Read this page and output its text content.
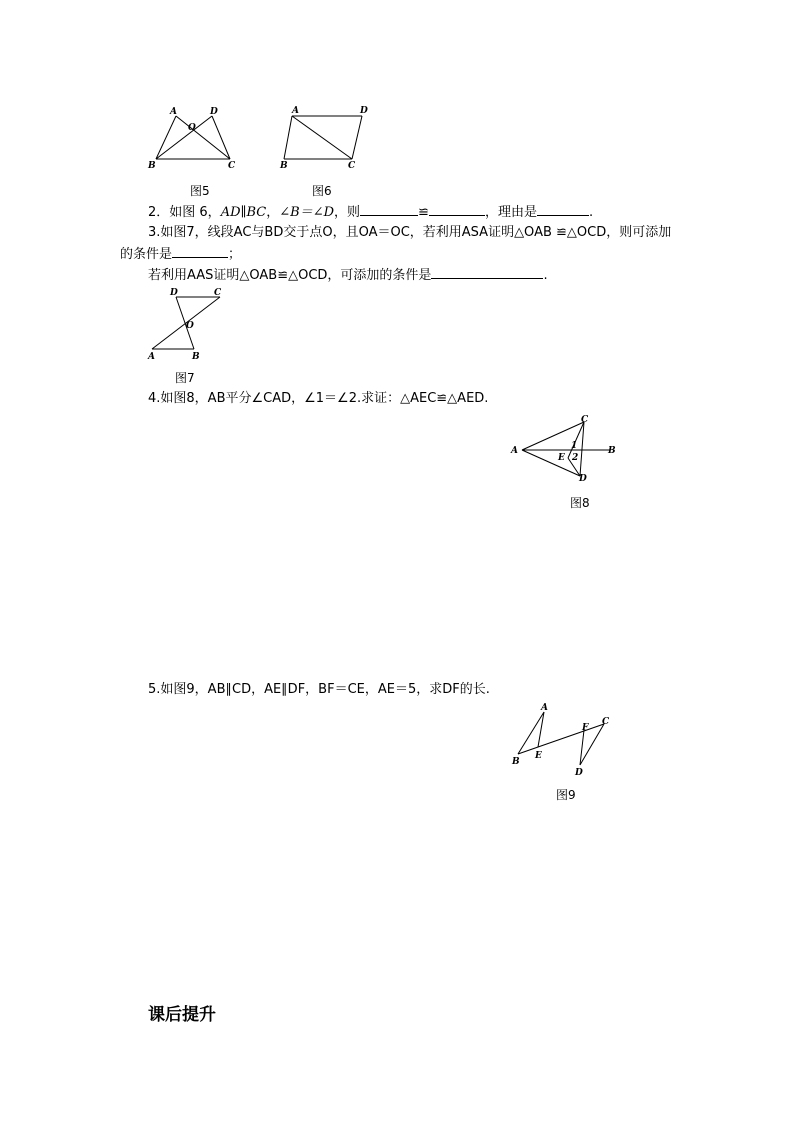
A	D
O
B	C
图5
A	D
B	C
图6
2．如图 6，AD∥BC，∠B＝∠D，则	≌	，理由是	.
3.如图7，线段AC与BD交于点O，且OA＝OC，若利用ASA证明△OAB ≌△OCD，则可添加
的条件是	；
若利用AAS证明△OAB≌△OCD，可添加的条件是	.
D	C
O
A	B
图7
4.如图8，AB平分∠CAD，∠1＝∠2.求证：△AEC≌△AED.
A
C
B
1
E 2
D
图8
5.如图9，AB∥CD，AE∥DF，BF＝CE，AE＝5，求DF的长.
A
F
C
B
E
D
图9
课后提升
